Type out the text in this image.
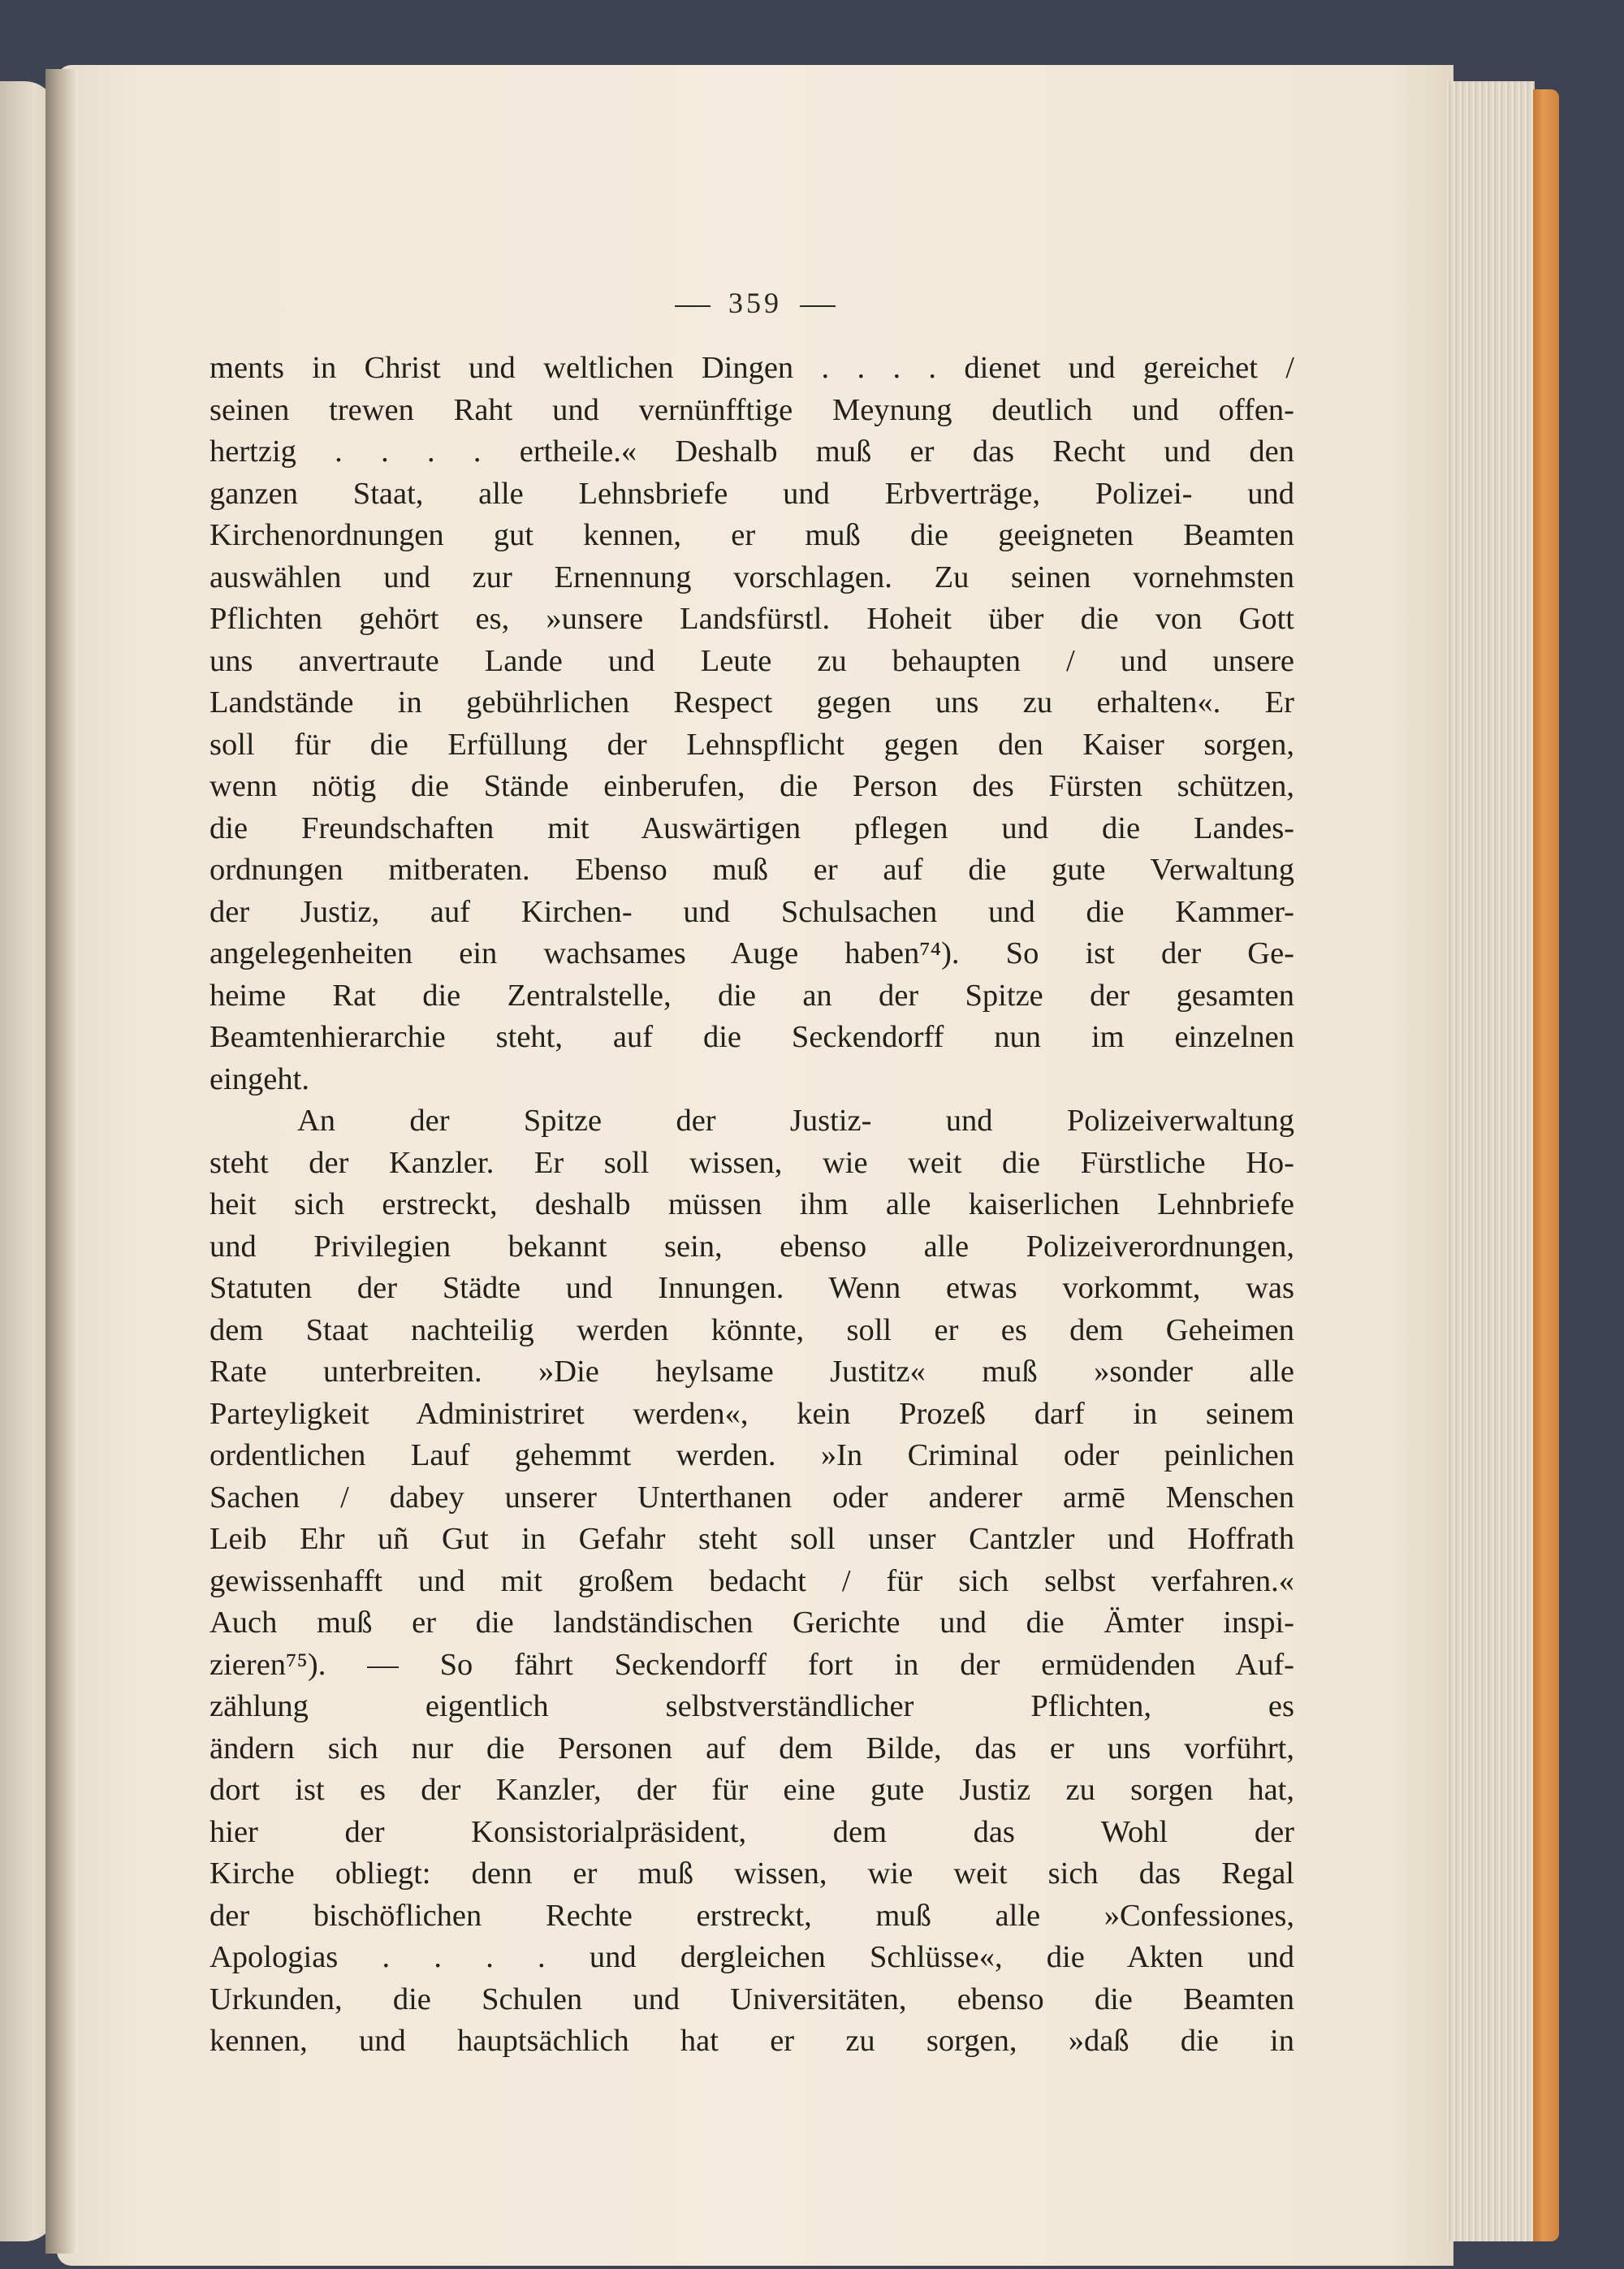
359
ments in Christ und weltlichen Dingen . . . . dienet und gereichet /
seinen trewen Raht und vernünfftige Meynung deutlich und offen-
hertzig . . . . ertheile.« Deshalb muß er das Recht und den
ganzen Staat, alle Lehnsbriefe und Erbverträge, Polizei- und
Kirchenordnungen gut kennen, er muß die geeigneten Beamten
auswählen und zur Ernennung vorschlagen. Zu seinen vornehmsten
Pflichten gehört es, »unsere Landsfürstl. Hoheit über die von Gott
uns anvertraute Lande und Leute zu behaupten / und unsere
Landstände in gebührlichen Respect gegen uns zu erhalten«. Er
soll für die Erfüllung der Lehnspflicht gegen den Kaiser sorgen,
wenn nötig die Stände einberufen, die Person des Fürsten schützen,
die Freundschaften mit Auswärtigen pflegen und die Landes-
ordnungen mitberaten. Ebenso muß er auf die gute Verwaltung
der Justiz, auf Kirchen- und Schulsachen und die Kammer-
angelegenheiten ein wachsames Auge haben⁷⁴). So ist der Ge-
heime Rat die Zentralstelle, die an der Spitze der gesamten
Beamtenhierarchie steht, auf die Seckendorff nun im einzelnen
eingeht.
An der Spitze der Justiz- und Polizeiverwaltung
steht der Kanzler. Er soll wissen, wie weit die Fürstliche Ho-
heit sich erstreckt, deshalb müssen ihm alle kaiserlichen Lehnbriefe
und Privilegien bekannt sein, ebenso alle Polizeiverordnungen,
Statuten der Städte und Innungen. Wenn etwas vorkommt, was
dem Staat nachteilig werden könnte, soll er es dem Geheimen
Rate unterbreiten. »Die heylsame Justitz« muß »sonder alle
Parteyligkeit Administriret werden«, kein Prozeß darf in seinem
ordentlichen Lauf gehemmt werden. »In Criminal oder peinlichen
Sachen / dabey unserer Unterthanen oder anderer armē Menschen
Leib Ehr uñ Gut in Gefahr steht soll unser Cantzler und Hoffrath
gewissenhafft und mit großem bedacht / für sich selbst verfahren.«
Auch muß er die landständischen Gerichte und die Ämter inspi-
zieren⁷⁵). — So fährt Seckendorff fort in der ermüdenden Auf-
zählung eigentlich selbstverständlicher Pflichten, es
ändern sich nur die Personen auf dem Bilde, das er uns vorführt,
dort ist es der Kanzler, der für eine gute Justiz zu sorgen hat,
hier der Konsistorialpräsident, dem das Wohl der
Kirche obliegt: denn er muß wissen, wie weit sich das Regal
der bischöflichen Rechte erstreckt, muß alle »Confessiones,
Apologias . . . . und dergleichen Schlüsse«, die Akten und
Urkunden, die Schulen und Universitäten, ebenso die Beamten
kennen, und hauptsächlich hat er zu sorgen, »daß die in
